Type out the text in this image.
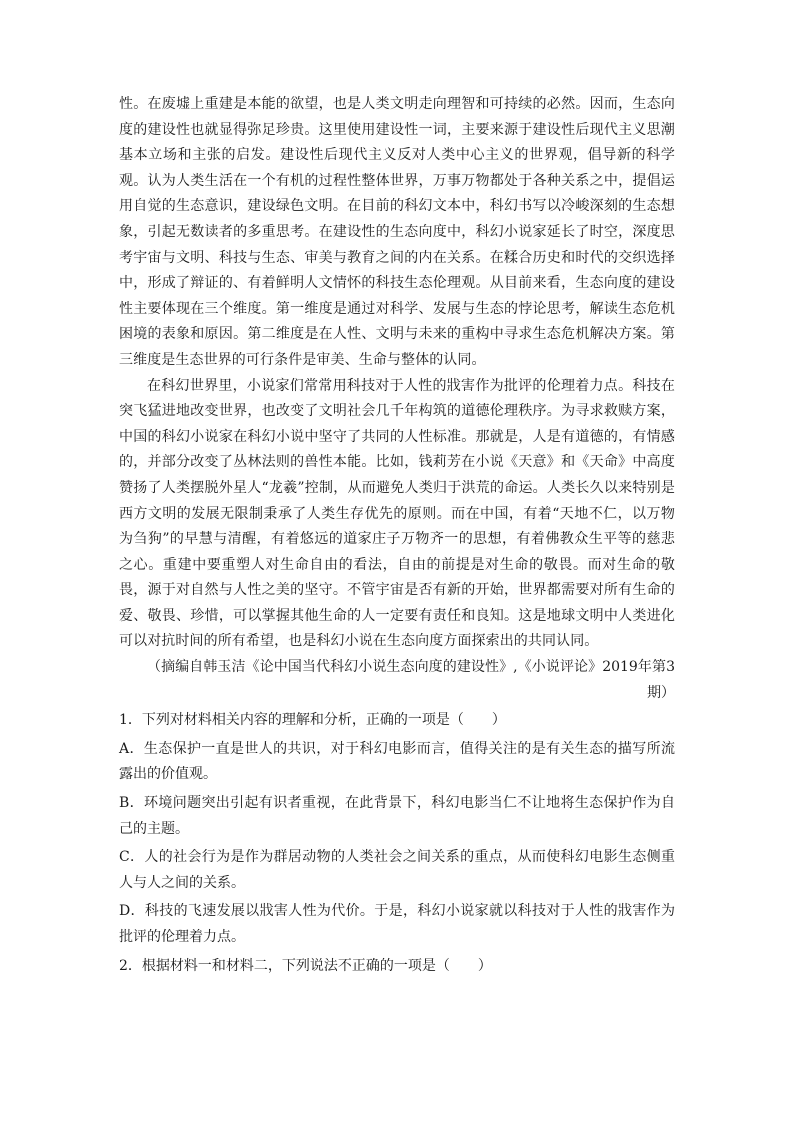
性。在废墟上重建是本能的欲望，也是人类文明走向理智和可持续的必然。因而，生态向度的建设性也就显得弥足珍贵。这里使用建设性一词，主要来源于建设性后现代主义思潮基本立场和主张的启发。建设性后现代主义反对人类中心主义的世界观，倡导新的科学观。认为人类生活在一个有机的过程性整体世界，万事万物都处于各种关系之中，提倡运用自觉的生态意识，建设绿色文明。在目前的科幻文本中，科幻书写以冷峻深刻的生态想象，引起无数读者的多重思考。在建设性的生态向度中，科幻小说家延长了时空，深度思考宇宙与文明、科技与生态、审美与教育之间的内在关系。在糅合历史和时代的交织选择中，形成了辩证的、有着鲜明人文情怀的科技生态伦理观。从目前来看，生态向度的建设性主要体现在三个维度。第一维度是通过对科学、发展与生态的悖论思考，解读生态危机困境的表象和原因。第二维度是在人性、文明与未来的重构中寻求生态危机解决方案。第三维度是生态世界的可行条件是审美、生命与整体的认同。

在科幻世界里，小说家们常常用科技对于人性的戕害作为批评的伦理着力点。科技在突飞猛进地改变世界，也改变了文明社会几千年构筑的道德伦理秩序。为寻求救赎方案，中国的科幻小说家在科幻小说中坚守了共同的人性标准。那就是，人是有道德的，有情感的，并部分改变了丛林法则的兽性本能。比如，钱莉芳在小说《天意》和《天命》中高度赞扬了人类摆脱外星人“龙羲”控制，从而避免人类归于洪荒的命运。人类长久以来特别是西方文明的发展无限制秉承了人类生存优先的原则。而在中国，有着“天地不仁，以万物为刍狗”的早慧与清醒，有着悠远的道家庄子万物齐一的思想，有着佛教众生平等的慈悲之心。重建中要重塑人对生命自由的看法，自由的前提是对生命的敬畏。而对生命的敬畏，源于对自然与人性之美的坚守。不管宇宙是否有新的开始，世界都需要对所有生命的爱、敬畏、珍惜，可以掌握其他生命的人一定要有责任和良知。这是地球文明中人类进化可以对抗时间的所有希望，也是科幻小说在生态向度方面探索出的共同认同。

（摘编自韩玉洁《论中国当代科幻小说生态向度的建设性》,《小说评论》2019年第3期）

1．下列对材料相关内容的理解和分析，正确的一项是（　　）

A．生态保护一直是世人的共识，对于科幻电影而言，值得关注的是有关生态的描写所流露出的价值观。

B．环境问题突出引起有识者重视，在此背景下，科幻电影当仁不让地将生态保护作为自己的主题。

C．人的社会行为是作为群居动物的人类社会之间关系的重点，从而使科幻电影生态侧重人与人之间的关系。

D．科技的飞速发展以戕害人性为代价。于是，科幻小说家就以科技对于人性的戕害作为批评的伦理着力点。

2．根据材料一和材料二，下列说法不正确的一项是（　　）
